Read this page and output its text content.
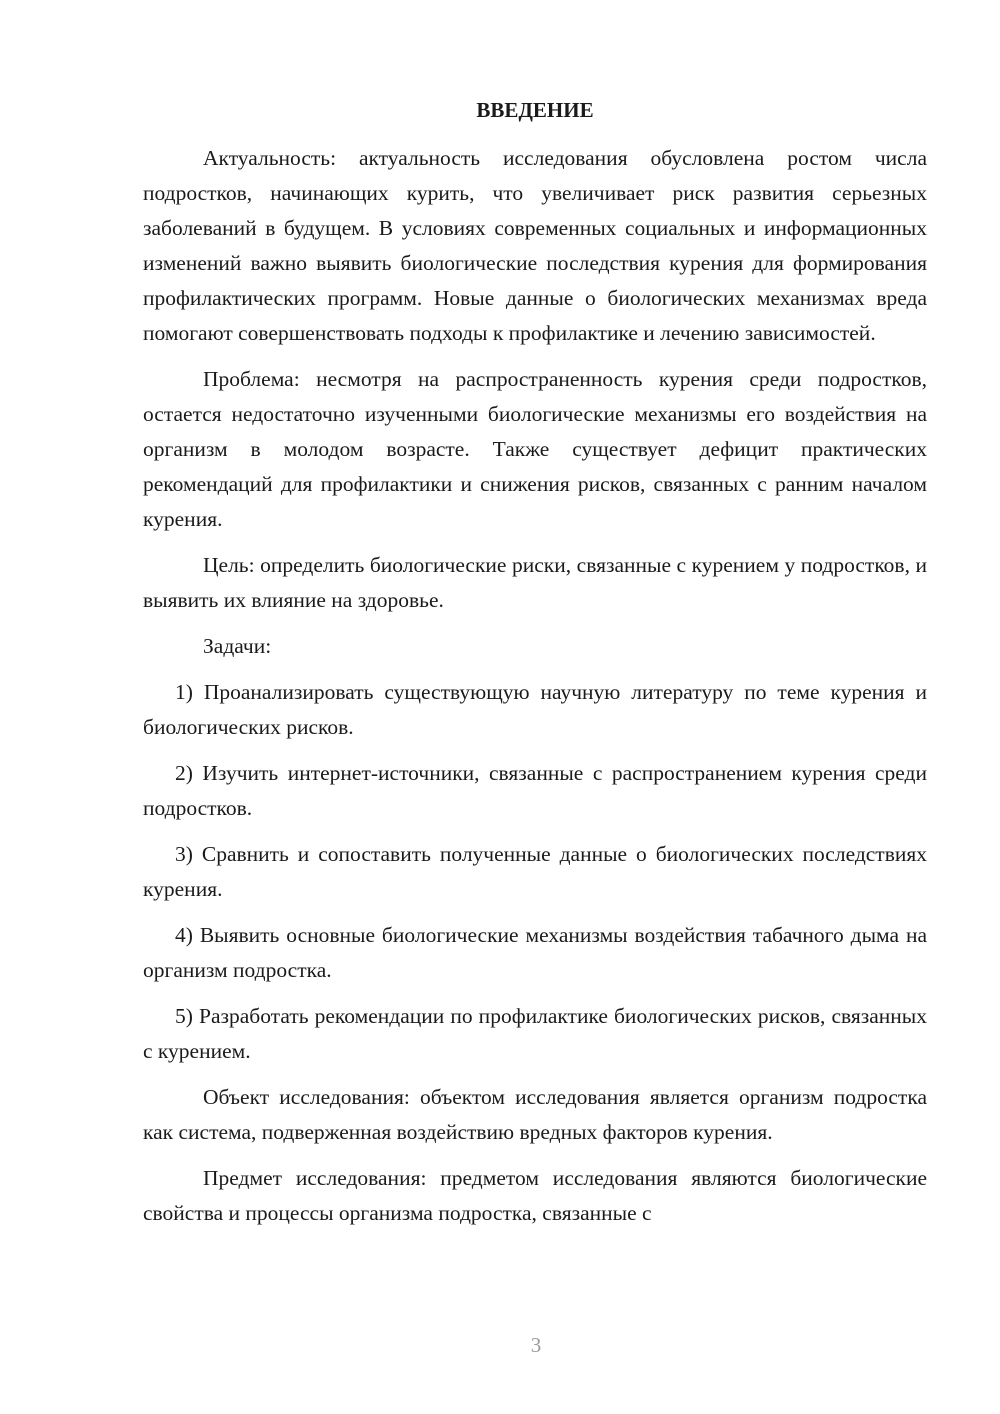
ВВЕДЕНИЕ

Актуальность: актуальность исследования обусловлена ростом числа подростков, начинающих курить, что увеличивает риск развития серьезных заболеваний в будущем. В условиях современных социальных и информационных изменений важно выявить биологические последствия курения для формирования профилактических программ. Новые данные о биологических механизмах вреда помогают совершенствовать подходы к профилактике и лечению зависимостей.

Проблема: несмотря на распространенность курения среди подростков, остается недостаточно изученными биологические механизмы его воздействия на организм в молодом возрасте. Также существует дефицит практических рекомендаций для профилактики и снижения рисков, связанных с ранним началом курения.

Цель: определить биологические риски, связанные с курением у подростков, и выявить их влияние на здоровье.

Задачи:

1) Проанализировать существующую научную литературу по теме курения и биологических рисков.

2) Изучить интернет-источники, связанные с распространением курения среди подростков.

3) Сравнить и сопоставить полученные данные о биологических последствиях курения.

4) Выявить основные биологические механизмы воздействия табачного дыма на организм подростка.

5) Разработать рекомендации по профилактике биологических рисков, связанных с курением.

Объект исследования: объектом исследования является организм подростка как система, подверженная воздействию вредных факторов курения.

Предмет исследования: предметом исследования являются биологические свойства и процессы организма подростка, связанные с

3
